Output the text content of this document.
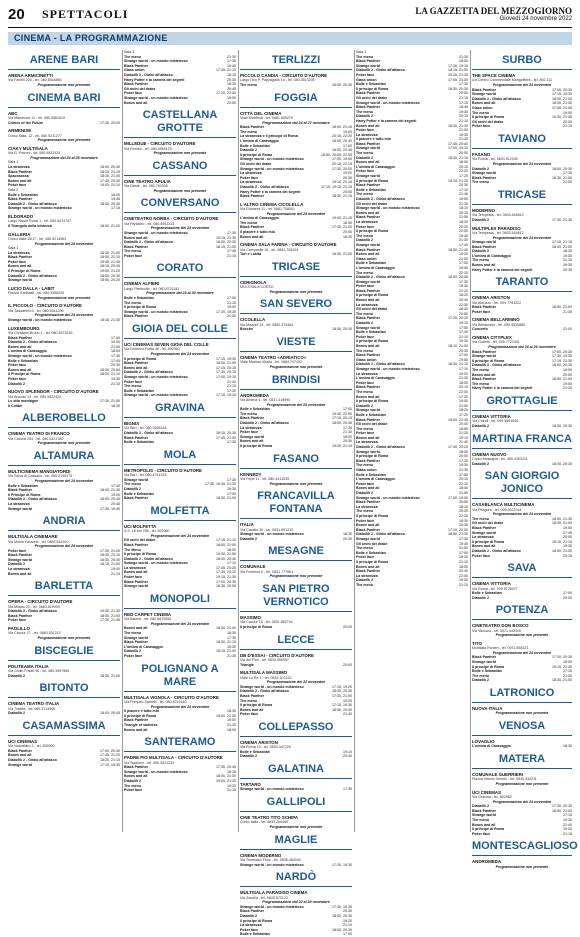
20 SPETTACOLI	LA GAZZETTA DEL MEZZOGIORNO
Giovedì 24 novembre 2022
CINEMA - LA PROGRAMMAZIONE
ARENE BARI
ARENA ARMICINETTI
Via Fanelli 200 - tel. 080.5044884
Programmazione non presente
CINEMA BARI
ABC
Via Mandrone 11 - tel. 080.5561619
Crimes of the Future	17:30, 20:00
ARMENISE
Corso Italia, 12 - tel. 080.5211277
Programmazione non presente
CIAKY MULTISALA
Via G. Petroni - tel. 080.5522424
Programmazione del 24 al 26 novembre
Sala 1
La stranezza	18:00, 20:30
Black Panther	18:15, 21:15
Spaccaossa	18:30, 21:00
Bones and all	17:45, 20:30
Poker face	19:00, 21:10
Sala 2
Bolle e Sebastian	18:00
Black Panther	19:45
Diabolik 2 - Ginko all'attacco	18:00, 20:30
Strange world - un mondo misterioso	17:15
ELDORADO
Largo Nicola Rossi 1 - tel. 080.5574747
Il Triangolo della tristezza	18:00, 21:00
GALLERIA
Corso Italia 15/17 - tel. 080.5214563
Programmazione del 24 novembre
Sala 1
La stranezza	18:30, 21:00
Black Panther	18:00, 21:10
Poker face	19:45, 21:45
Bones and all	18:15, 20:45
Il Principe di Roma	19:00, 21:20
Diabolik 2 - Ginko all'attacco	18:00, 20:30
Strange world	18:00, 20:20
LUCIO DALLA - LABIT
Piazza Garibaldi - tel. 080.3356200
Programmazione non presente
IL PICCOLO - CIRCUITO D'AUTORE
Via Sassanelli 6 - tel. 080.5341296
Programmazione del 24 novembre
Strange world - un mondo misterioso	18:15, 21:30
LUXEMBOURG
Via Giordano Bruno 1 - tel. 080.5573245
Black Panther	17:00
Diabolik 2 - Ginko all'attacco	19:00
Bones and all	21:00
L'ombra di Caravaggio	18:00
Strange world - un mondo misterioso	17:30
Bolle e Sebastian	17:00
Poker face	20:30
Bones and all	18:00, 20:50
Il Principe di Roma	18:00, 21:10
Poker face	19:30
Diabolik 2	21:10
NUOVO SPLENDOR - CIRCUITO D'AUTORE
Via Buccari 13 - tel. 080.5522424
Le otto montagne	17:30, 21:00
Il Colibrì	18:30
ALBEROBELLO
CINEMA TEATRO DI FRANCO
Via Carucci 254 - tel. 080.4321780
Programmazione non presente
ALTAMURA
MULTICINEMA MANGIATORDI
Via Selva di Cassano - tel. 080.3145175
Programmazione del 24 novembre
Bolle e Sebastian	17:30
Black Panther	18:00, 21:30
Il Principe di Roma	19:00
Diabolik 2 - Ginko all'attacco	18:00, 20:45
La stranezza	20:45
Strange world	17:30, 19:40
ANDRIA
MULTISALA CINEMARE
Via Monte Faraone - tel. 0883.541910
Programmazione del 24 novembre
Poker face	17:30, 21:00
Black Panther	18:00, 21:10
Strange world	18:30, 20:30
Diabolik 2	18:15, 21:00
La stranezza	19:00
Bones and all	21:15
BARLETTA
OPERA - CIRCUITO D'AUTORE
Via Milano 20 - tel. 0883.519999
Diabolik 2 - Ginko all'attacco	19:00, 21:30
Black Panther	18:30, 21:00
Poker face	17:30, 21:45
PAOLILLO
Via Cavour 27 - tel. 0883.531212
Programmazione non presente
BISCEGLIE
POLITEAMA ITALIA
Via Giulio Frisari 96 - tel. 080.3957565
Diabolik 2	18:30, 21:00
BITONTO
CINEMA TEATRO ITALIA
Via Traetta - tel. 080.3714566
Diabolik 2	18:00, 20:45
CASAMASSIMA
UCI CINEMAS
Via Noicattaro 2 - tel. 892960
Black Panther	17:00, 20:30
Bones and all	17:45, 21:20
Diabolik 2 - Ginko all'attacco	18:20, 21:10
Strange world	17:10, 19:30
Sala 3
The menu	21:30
Strange world - un mondo misterioso	17:30
Black Panther	19:40
Glass onion	17:45, 21:15
Diabolik 2 - Ginko all'attacco	18:15
Harry Potter e la camera dei segreti	20:30
Black Panther	18:30
Gli orchi del drake	20:45
Poker face	17:20, 21:40
Strange world - un mondo misterioso	19:00
Bones and all	22:00
CASTELLANA GROTTE
MILLEDUE - CIRCUITO D'AUTORE
Via Romeo - tel. 080.4965123
Programmazione non presente
CASSANO
CINE TEATRO APULIA
Via Dante - tel. 080.763305
Programmazione non presente
CONVERSANO
CINETEATRO NORBA - CIRCUITO D'AUTORE
Via Pantaleo - tel. 080.4951233
Programmazione del 24 novembre
Strange world - un mondo misterioso	17:30
Bones and all	19:15, 21:30
Diabolik 2 - Ginko all'attacco	18:00, 20:30
Black Panther	18:15, 21:00
The menu	17:45
Poker face	21:15
CORATO
CINEMA ALFIERI
Largo Plebiscito - tel. 080.8721341
Programmazione dal 23 al 30 novembre
Bolle e Sebastian	17:00
The menu	21:10
Il principe di Roma	19:00
Strange world - un mondo misterioso	17:20, 19:30
Black Panther	21:00
GIOIA DEL COLLE
UCI CINEMAS SEVEN GIOIA DEL COLLE
Via Federico Rotta 46 - tel. 892960
Programmazione del 24 novembre
Il principe di Roma	17:15, 19:30
Black Panther	18:00, 21:00
Bones and all	17:15, 20:15
Diabolik 2 - Ginko all'attacco	17:30, 20:15
Strange world - un mondo misterioso	17:00, 19:15
Poker face	21:40
The menu	21:10
Bolle e Sebastian	17:30
Strange world - un mondo misterioso	17:15, 19:10
GRAVINA
BIGNIX
Via Bari - tel. 080.3266244
Diabolik 2 - Ginko all'attacco	18:15, 20:30
Black Panther	17:45, 21:00
Bolle e Sebastian	17:30
MOLA
METROPOLIS - CIRCUITO D'AUTORE
Via Bari - tel. 080.4741324
Strange world	17:30
The menu	17:30, 19:30, 21:30
Diabolik 2	19:30
Bolle e Sebastian	17:00
Black Panther	18:00, 21:00
MOLFETTA
UCI MOLFETTA
S.S. 16 km 785 - tel. 892960
Programmazione del 24 novembre
Gli orchi del drake	17:15, 21:10
Black Panther	18:00, 21:00
The Menu	18:00
Il principe di Roma	19:30, 21:50
Diabolik 2 - Ginko all'attacco	18:00, 20:40
Strange world - un mondo misterioso	17:10
La stranezza	17:45, 20:20
Bones and all	17:30, 20:10
Poker face	19:15, 21:30
Black Panther	17:00, 20:30
Strange world	18:30, 20:50
MONOPOLI
RED CARPET CINEMA
Via Baione - tel. 080.8870550
Programmazione del 24 novembre
Bones and all	18:00, 21:00
The menu	18:30
Strange world	17:30
Black Panther	18:00, 21:10
L'ombra di Caravaggio	19:30
Diabolik 2	18:15, 21:00
Poker face	21:30
POLIGNANO A MARE
MULTISALA VIGNOLA - CIRCUITO D'AUTORE
Via Pompeo Sarnelli - tel. 080.4241440
Programmazione del 24 novembre
Il piacere è tutto mio	18:30
Il principe di Roma	19:00, 21:00
Black Panther	19:00
Triangle of sadness	21:30
Bones and all	18:00
SANTERAMO
PADRE PIO MULTISALA - CIRCUITO D'AUTORE
Via Stazione - tel. 080.3021234
Black Panther	17:30, 20:45
Strange world - un mondo misterioso	18:15
Bones and all	18:00, 21:00
Diabolik 2	19:00, 21:30
The menu	19:20
Poker face	21:15
TERLIZZI
PICCOLO CANDIA - CIRCUITO D'AUTORE
Largo Don P. Pappagallo 14 - tel. 080.3513208
The menu	18:00, 20:30
FOGGIA
CITTÀ DEL CINEMA
Viale Manfredi - tel. 0881.650275
Programmazione dal 24 al 27 novembre
Black Panther	18:00, 21:15
The menu	19:00
La stranezza e il principe di Roma	20:15, 22:20
L'ombra di Caravaggio	18:00, 20:40
Bolle e Sebastian	17:00
Diabolik 2	18:00, 20:45
Il principe di Roma	18:50, 20:55, 22:55
Strange world - un mondo misterioso	17:00, 19:00
Gli orchi del drake	20:15, 22:15
Strange world - un mondo misterioso	17:30, 20:00
La stranezza	19:00
Poker face	20:30
La stranezza	19:10, 21:15
Diabolik 2 - Ginko all'attacco	17:15, 19:15, 21:15
Harry Potter e la camera dei segreti	20:00
Black Panther	18:30, 21:15
L'ALTRO CINEMA CICOLELLA
Via Giovanni 11 - tel. 0881.708001
Programmazione del 24 novembre
L'ombra di Caravaggio	19:00, 21:15
The menu	18:30
Black Panther	17:45, 21:00
Il piacere è tutto mio	20:00
Bones and all	18:30
CINEMA SALA FARINA - CIRCUITO D'AUTORE
Via Campanile 16 - tel. 0881.708104
Tori e Lokita	18:00, 21:00
TRICASE
CERIGNOLA
MULTISALA CORSO
Programmazione non presente
SAN SEVERO
CICOLELLA
Via Mazzini 14 - tel. 0882.374484
Bocche	18:30, 20:30
VIESTE
CINEMA TEATRO «ADRIATICO»
Viale Marinai d'Italia - tel. 0884.707432
Programmazione non presente
BRINDISI
ANDROMEDA
Via Amena 1 - tel. 0831.418990
Programmazione del 24 novembre
Bolle e Sebastian	17:00
The menu	19:45, 22:00
Black Panther	17:15, 20:15
Diabolik 2 - Ginko all'attacco	18:00, 20:45
La stranezza	17:30
Poker face	21:30
Strange world	18:00
Bones and all	20:30
Il principe di Roma	19:00, 21:10
FASANO
KENNEDY
Via Pepe 11 - tel. 080.4413535
Programmazione non presente
FRANCAVILLA FONTANA
ITALIA
Via Cavallo 10 - tel. 0831.851213
Strange world - un mondo misterioso	18:30
Diabolik 2	20:30
MESAGNE
COMUNALE
Via Federico II - tel. 0831.777661
Programmazione non presente
SAN PIETRO VERNOTICO
MASSIMO
Via Cavour 16 - tel. 0831.652744
Il principe di Roma	20:00
LECCE
DB D'ESSAI - CIRCUITO D'AUTORE
Via dei Fiori - tel. 0832.390557
Triangle	20:00
MULTISALA MASSIMO
Viale Lo Re 1 - tel. 0832.307433
Programmazione del 22 novembre
Strange world - un mondo misterioso	17:15, 19:20
Diabolik 2 - Ginko all'attacco	18:00, 20:30
Black Panther	17:30, 21:00
The menu	19:00
Il principe di Roma	17:15, 19:30
Bones and all	18:00, 20:40
Poker face	21:40
COLLEPASSO
CINEMA ARISTON
Via Roma 10 - tel. 0833.347225
Bolle e Sebastian	19:10
Diabolik 2	20:40
GALATINA
TARTARO
Strange world - un mondo misterioso	17:30
GALLIPOLI
CINE TEATRO TITO SCHIPA
Corso Italia - tel. 0833.266460
Programmazione non presente
MAGLIE
CINEMA MODERNO
Via Tommaso Fiore - tel. 0836.484040
Strange world - un mondo misterioso	17:30, 19:30
NARDÒ
MULTISALA PARADISO CINEMA
Via Zanella - tel. 0833.573123
Programmazione dal 22 al 30 novembre
Strange world - un mondo misterioso	17:30, 19:30
Black Panther	20:30
Diabolik 2	18:00, 20:30
Il principe di Roma	19:20
La stranezza	21:10
Poker face	18:00, 20:30
Bolle e Sebastian	17:00
Sala 1
The menu	21:30
Black Panther	18:00
Strange world	17:30, 19:15
Diabolik 2 - Ginko all'attacco	18:15, 21:00
Poker face	19:30, 21:30
Glass onion	17:00, 21:00
Bolle e Sebastian	17:30
Il principe di Roma	18:30, 20:30
Black Panther	20:00
Gli orchi del drake	21:15
Strange world - un mondo misterioso	17:15
Black Panther	18:45
The menu	19:30
Diabolik 2	20:15
Harry Potter e la camera dei segreti	21:10
Bones and all	18:30, 21:30
Poker face	21:00
La stranezza	19:30
Il piacere è tutto mio	21:20
Black Panther	17:45, 20:40
Strange world	17:00, 19:10
The menu	20:00
Diabolik 2	18:40, 21:15
Bones and all	18:00
L'ombra di Caravaggio	20:10
Poker face	22:20
Strange world	17:20
Il principe di Roma	19:10, 21:20
Black Panther	20:30
Bolle e Sebastian	17:10
The menu	21:40
Diabolik 2 - Ginko all'attacco	19:00
Gli orchi del drake	21:30
Strange world - un mondo misterioso	18:10
Bones and all	20:15
Black Panther	21:50
La stranezza	18:20
Poker face	20:20
Il principe di Roma	22:00
The menu	19:40
Diabolik 2	21:30
Strange world	17:40
Black Panther	18:50, 21:40
Bones and all	19:20
Glass onion	21:00
Bolle e Sebastian	17:00
L'ombra di Caravaggio	19:50
The menu	22:10
Diabolik 2 - Ginko all'attacco	18:00, 20:40
Strange world	17:30
Poker face	19:40
Black Panther	21:20
Il principe di Roma	18:20
Bones and all	20:40
La stranezza	22:30
Gli orchi del drake	18:40
The menu	20:50
Black Panther	17:20, 20:20
Diabolik 2	19:10
Strange world	17:50
Bolle e Sebastian	17:40
Poker face	21:10
Il principe di Roma	19:30
Bones and all	18:10, 21:00
The menu	20:30
Black Panther	17:00
Glass onion	19:50
Diabolik 2 - Ginko all'attacco	18:30, 21:10
Strange world - un mondo misterioso	17:10
La stranezza	19:20
L'ombra di Caravaggio	21:30
Poker face	18:00
Black Panther	20:10
The menu	22:00
Bones and all	17:30
Il principe di Roma	19:40
Diabolik 2	21:50
Strange world	18:20
Bolle e Sebastian	17:20
Black Panther	19:00, 21:45
Gli orchi del drake	20:40
The menu	18:50
Poker face	21:20
Bones and all	19:10
La stranezza	21:40
Diabolik 2 - Ginko all'attacco	17:40, 20:20
Strange world	18:00
Il principe di Roma	20:00
Black Panther	17:30
The menu	19:30
Glass onion	21:30
Bolle e Sebastian	17:50
L'ombra di Caravaggio	20:10
Poker face	22:10
Bones and all	18:40
Diabolik 2	21:00
Strange world - un mondo misterioso	17:00, 19:00
Black Panther	20:50
La stranezza	18:10
The menu	20:20
Il principe di Roma	22:20
Poker face	18:30
Bones and all	20:30
Black Panther	17:10, 20:00
Diabolik 2 - Ginko all'attacco	18:50, 21:30
Strange world	17:30
Gli orchi del drake	19:40
The menu	21:50
Bolle e Sebastian	17:00
Poker face	19:20
Il principe di Roma	21:10
Bones and all	18:00
Black Panther	20:40
La stranezza	22:00
Diabolik 2	19:00
The menu	21:20
SURBO
THE SPACE CINEMA
c/o Centro Commerciale Mongolfiera - tel. 892.111
Programmazione del 24 novembre
Black Panther	17:00, 20:30
Strange world	17:15, 19:30
Diabolik 2 - Ginko all'attacco	18:00, 21:00
Bones and all	18:30, 21:30
Glass onion	17:45, 21:00
The menu	19:00
Il principe di Roma	19:30, 21:45
Gli orchi del drake	20:00
Poker face	21:15
TAVIANO
FASANO
Via Roma - tel. 0833.912345
Programmazione del 24 novembre
Diabolik 2	18:00, 20:30
Strange world	17:30
Black Panther	18:30, 21:00
The menu	21:00
TRICASE
MODERNO
Via Tempesta - tel. 0833.544812
Diabolik 2	17:30, 21:30
MULTIPLEX PARADISO
Via Tempesta - tel. 0833.544812
Programmazione del 24 novembre
Strange world	17:15, 21:15
Black Panther	18:00, 21:00
Diabolik 2	18:30
L'ombra di Caravaggio	19:00
The menu	21:15
Bones and all	19:30
Harry Potter e la camera dei segreti	20:30
TARANTO
CINEMA ARISTON
Via Abruzzo - tel. 099.7791222
Black Panther	18:00, 21:00
Poker face	21:30
CINEMA BELLARMINO
Via Bellarmino - tel. 099.4530880
Concerto	21:00
CINEMA CITYPLEX
Via Gobetti - tel. 099.7722401
Programmazione dal 24 al 26 novembre
Black Panther	17:00, 20:30
Strange world	17:30, 19:30
Il principe di Roma	17:15, 21:30
Diabolik 2 - Ginko all'attacco	18:00, 20:30
The menu	19:00
Bones and all	20:00
Black Panther	18:00, 21:00
The menu	19:00
Harry Potter e la camera dei segreti	21:20
GROTTAGLIE
CINEMA VITTORIA
Via Cairoli - tel. 099.5661006
Diabolik 2	18:00, 20:30
MARTINA FRANCA
CINEMA NUOVO
Corso Messapia - tel. 080.4303311
Diabolik 2	18:00, 20:30
SAN GIORGIO JONICO
CASABLANCA MULTICINEMA
Via Pitagora - tel. 099.5922244
Programmazione del 24 novembre
The menu	18:00, 21:30
Gli orchi del drake	18:30, 21:00
Black Panther	19:00
Strange world	17:45
La stranezza	20:00
Il principe di Roma	18:15, 21:15
Bones and all	19:30
Diabolik 2 - Ginko all'attacco	18:00, 21:00
Poker face	20:15
SAVA
CINEMA VITTORIA
Via Roma - tel. 099.9726077
Bolle e Sebastian	17:00
Diabolik 2	20:00
POTENZA
CINETEATRO DON BOSCO
Via Vaccaro - tel. 0971.442000
Programmazione non presente
TITO
Multisala Ranieri - tel. 0971.654321
Programmazione del 24 novembre
Black Panther	17:30, 20:30
Strange world	18:00
Il principe di Roma	19:15, 21:30
Bolle e Sebastian	17:15
The menu	21:00
Diabolik 2	18:30, 21:00
LATRONICO
NUOVA ITALIA
Programmazione non presente
VENOSA
LOVAGLIO
L'ombra di Caravaggio	18:30
MATERA
COMUNALE GUERRIERI
Piazza Vittorio Veneto - tel. 0835.332211
Programmazione non presente
UCI CINEMAS
Via Gravina - tel. 892960
Programmazione del 24 novembre
Diabolik 2	17:30, 20:30
Black Panther	18:00, 21:00
Strange world	17:15
The menu	19:30
Bones and all	21:40
Il principe di Roma	19:00
Poker face	21:15
MONTESCAGLIOSO
ANDROMEDA
Programmazione non presente
